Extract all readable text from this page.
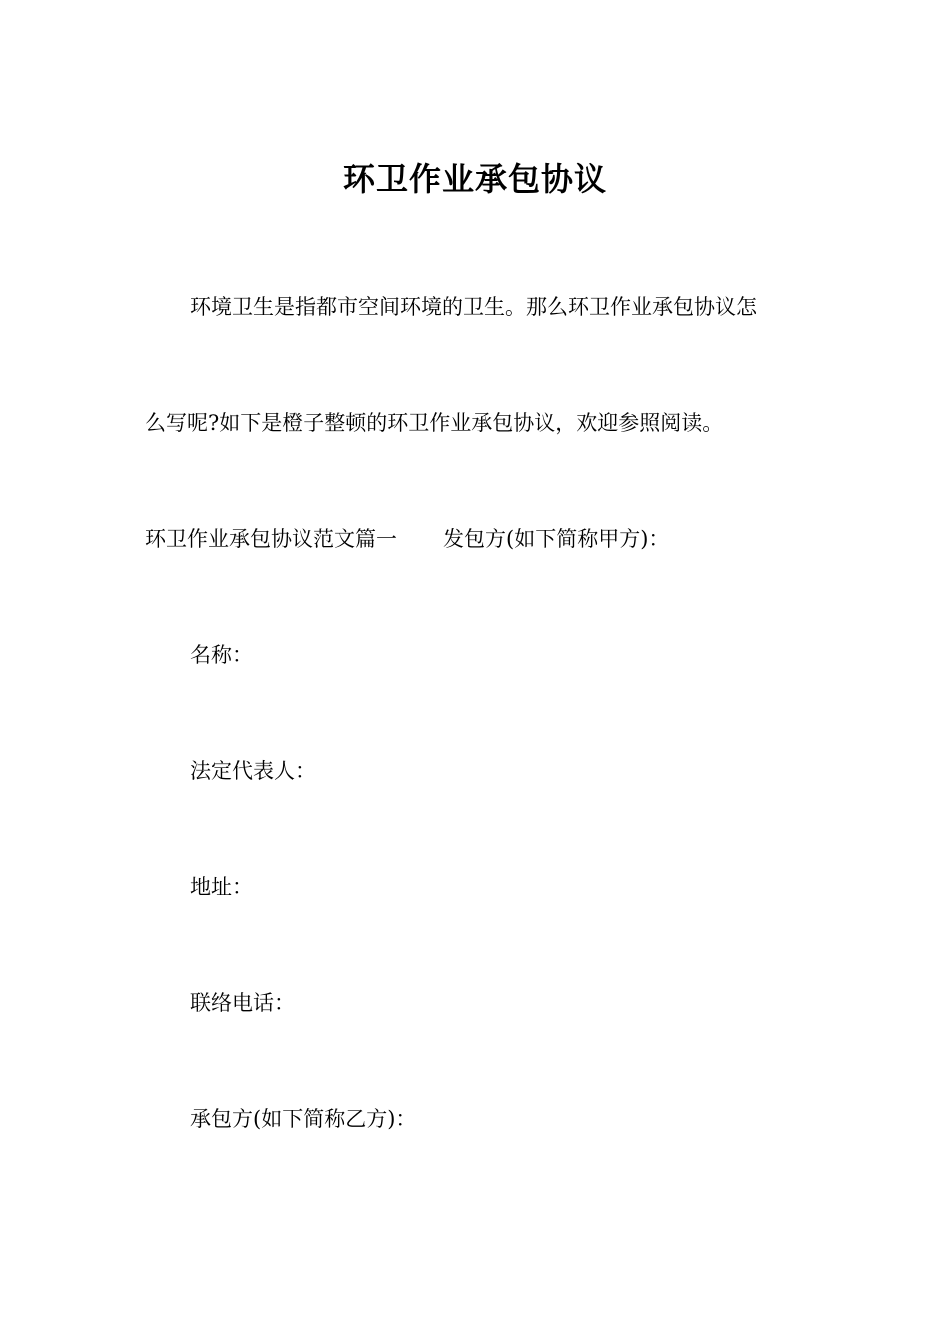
环卫作业承包协议
环境卫生是指都市空间环境的卫生。那么环卫作业承包协议怎
么写呢?如下是橙子整顿的环卫作业承包协议，欢迎参照阅读。
环卫作业承包协议范文篇一 发包方(如下简称甲方)：
名称：
法定代表人：
地址：
联络电话：
承包方(如下简称乙方)：
